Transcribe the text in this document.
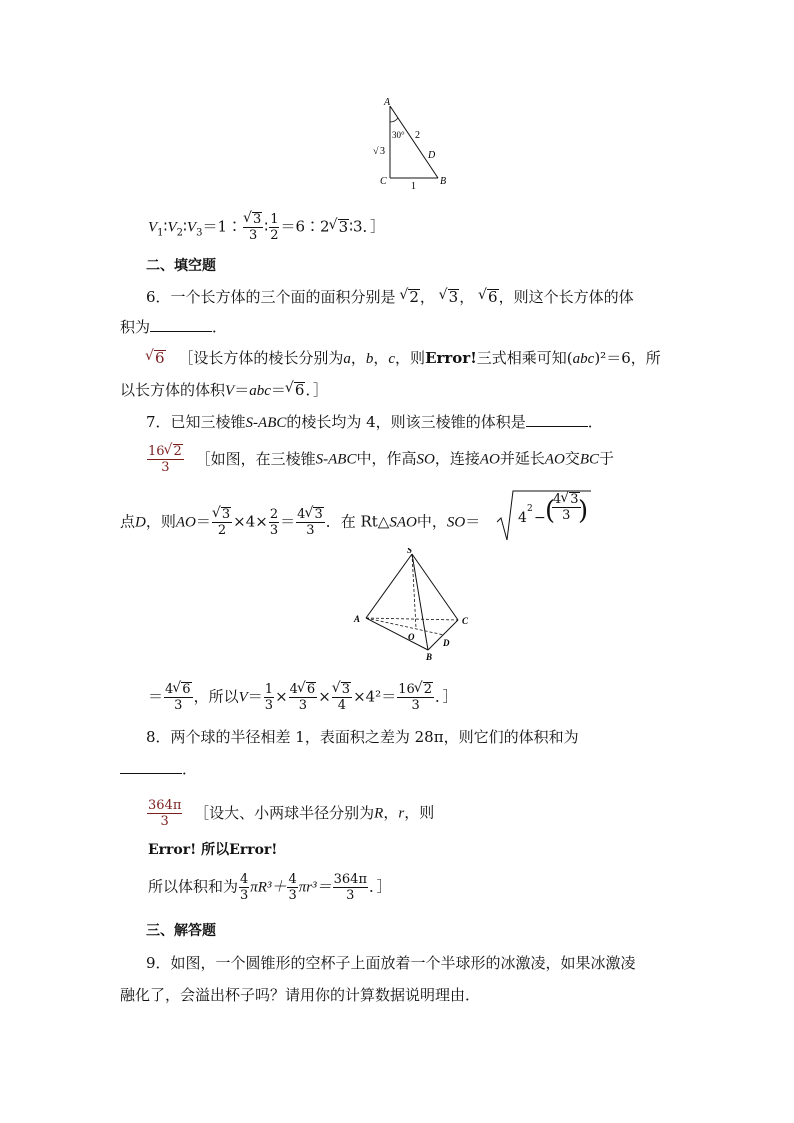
A
C	B
D
30° 2
1
√ 3
$V_1∶V_2∶V_3=1∶$ √ $\frac{3}{3}$ ∶ $\frac{1}{2}$ ＝6∶2 √ 3∶3．］
二、填空题
6．一个长方体的三个面的面积分别是 √ 2， √ 3， √ 6，则这个长方体的体
积为	．
√ 6 ［设长方体的棱长分别为a，b，c，则Error!三式相乘可知(abc)²＝6，所
以长方体的体积V＝abc＝ √ 6．］
7．已知三棱锥S-ABC的棱长均为 4，则该三棱锥的体积是	．
$\frac{16 √ 2}{3}$ ［如图，在三棱锥S-ABC中，作高SO，连接AO并延长AO交BC于
点D，则AO＝ √ $\frac{3}{2} \times 4\times \frac{2}{3} = \frac{4 √ 3}{3}$ ．在 Rt△SAO中，SO＝	4
2
− (
$\frac{4 √ 3}{3}$
)
S
A	C
B
O
D
＝ $\frac{4 √ 6}{3}$ ，所以$V= \frac{1}{3} \times \frac{4 √ 6}{3}$ × √ $\frac{3}{4} \times 4^2= \frac{16 √ 2}{3}$ ．］
8．两个球的半径相差 1，表面积之差为 28π，则它们的体积和为
．
$\frac{364\pi}{3}$ ［设大、小两球半径分别为R，r，则
Error! 所以Error!
所以体积和为 $\frac{4}{3} \pi R^3+ \frac{4}{3} \pi r^3= \frac{364\pi}{3}$ ．］
三、解答题
9．如图，一个圆锥形的空杯子上面放着一个半球形的冰激凌，如果冰激凌
融化了，会溢出杯子吗？请用你的计算数据说明理由．
